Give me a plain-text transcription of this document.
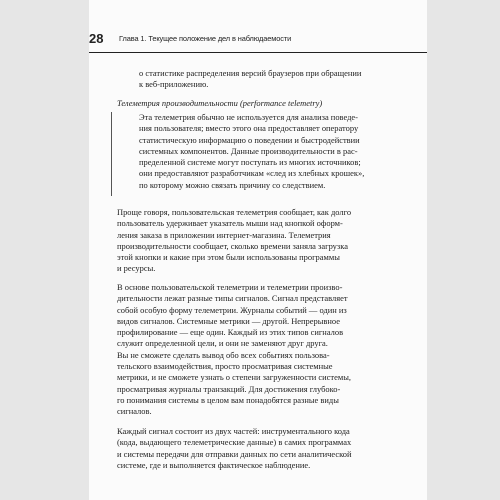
28 Глава 1. Текущее положение дел в наблюдаемости
о статистике распределения версий браузеров при обращении
к веб-приложению.
Телеметрия производительности (performance telemetry)
Эта телеметрия обычно не используется для анализа поведе-
ния пользователя; вместо этого она предоставляет оператору
статистическую информацию о поведении и быстродействии
системных компонентов. Данные производительности в рас-
пределенной системе могут поступать из многих источников;
они предоставляют разработчикам «след из хлебных крошек»,
по которому можно связать причину со следствием.
Проще говоря, пользовательская телеметрия сообщает, как долго
пользователь удерживает указатель мыши над кнопкой оформ-
ления заказа в приложении интернет-магазина. Телеметрия
производительности сообщает, сколько времени заняла загрузка
этой кнопки и какие при этом были использованы программы
и ресурсы.
В основе пользовательской телеметрии и телеметрии произво-
дительности лежат разные типы сигналов. Сигнал представляет
собой особую форму телеметрии. Журналы событий — один из
видов сигналов. Системные метрики — другой. Непрерывное
профилирование — еще один. Каждый из этих типов сигналов
служит определенной цели, и они не заменяют друг друга.
Вы не сможете сделать вывод обо всех событиях пользова-
тельского взаимодействия, просто просматривая системные
метрики, и не сможете узнать о степени загруженности системы,
просматривая журналы транзакций. Для достижения глубоко-
го понимания системы в целом вам понадобятся разные виды
сигналов.
Каждый сигнал состоит из двух частей: инструментального кода
(кода, выдающего телеметрические данные) в самих программах
и системы передачи для отправки данных по сети аналитической
системе, где и выполняется фактическое наблюдение.
